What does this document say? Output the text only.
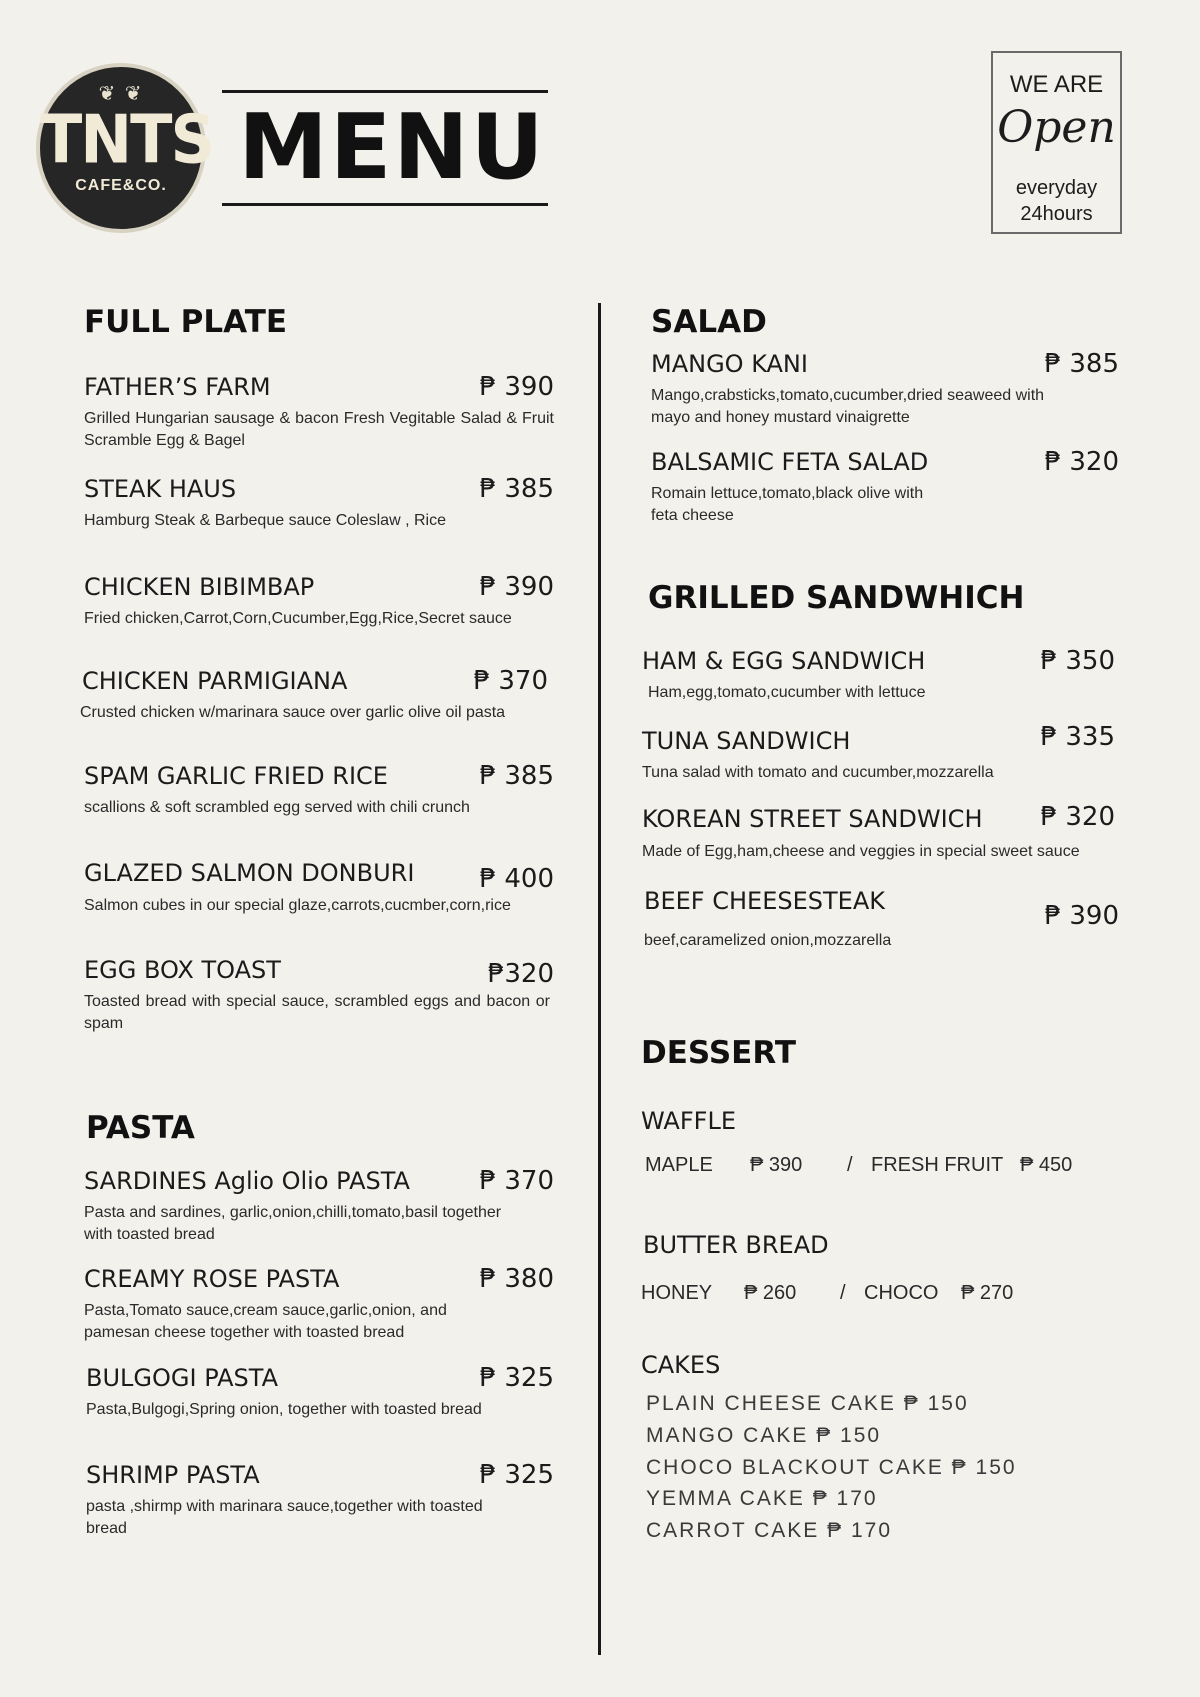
❦ ❦
TNTS
CAFE&CO. MENU
WE ARE
Open
everyday
24hours
FULL PLATE
FATHER’S FARM	₱ 390
Grilled Hungarian sausage & bacon Fresh Vegitable Salad & Fruit Scramble Egg & Bagel
STEAK HAUS	₱ 385
Hamburg Steak & Barbeque sauce Coleslaw , Rice
CHICKEN BIBIMBAP	₱ 390
Fried chicken,Carrot,Corn,Cucumber,Egg,Rice,Secret sauce
CHICKEN PARMIGIANA	₱ 370
Crusted chicken w/marinara sauce over garlic olive oil pasta
SPAM GARLIC FRIED RICE	₱ 385
scallions & soft scrambled egg served with chili crunch
GLAZED SALMON DONBURI	₱ 400
Salmon cubes in our special glaze,carrots,cucmber,corn,rice
EGG BOX TOAST	₱320
Toasted bread with special sauce, scrambled eggs and bacon or spam
PASTA
SARDINES Aglio Olio PASTA	₱ 370
Pasta and sardines, garlic,onion,chilli,tomato,basil together with toasted bread
CREAMY ROSE PASTA	₱ 380
Pasta,Tomato sauce,cream sauce,garlic,onion, and pamesan cheese together with toasted bread
BULGOGI PASTA	₱ 325
Pasta,Bulgogi,Spring onion, together with toasted bread
SHRIMP PASTA	₱ 325
pasta ,shirmp with marinara sauce,together with toasted bread
SALAD
MANGO KANI	₱ 385
Mango,crabsticks,tomato,cucumber,dried seaweed with mayo and honey mustard vinaigrette
BALSAMIC FETA SALAD	₱ 320
Romain lettuce,tomato,black olive with feta cheese
GRILLED SANDWHICH
HAM & EGG SANDWICH	₱ 350
Ham,egg,tomato,cucumber with lettuce
TUNA SANDWICH	₱ 335
Tuna salad with tomato and cucumber,mozzarella
KOREAN STREET SANDWICH	₱ 320
Made of Egg,ham,cheese and veggies in special sweet sauce
BEEF CHEESESTEAK	₱ 390
beef,caramelized onion,mozzarella
DESSERT
WAFFLE
MAPLE ₱ 390 / FRESH FRUIT ₱ 450
BUTTER BREAD
HONEY ₱ 260 / CHOCO ₱ 270
CAKES
PLAIN CHEESE CAKE ₱ 150
MANGO CAKE ₱ 150
CHOCO BLACKOUT CAKE ₱ 150
YEMMA CAKE ₱ 170
CARROT CAKE ₱ 170
